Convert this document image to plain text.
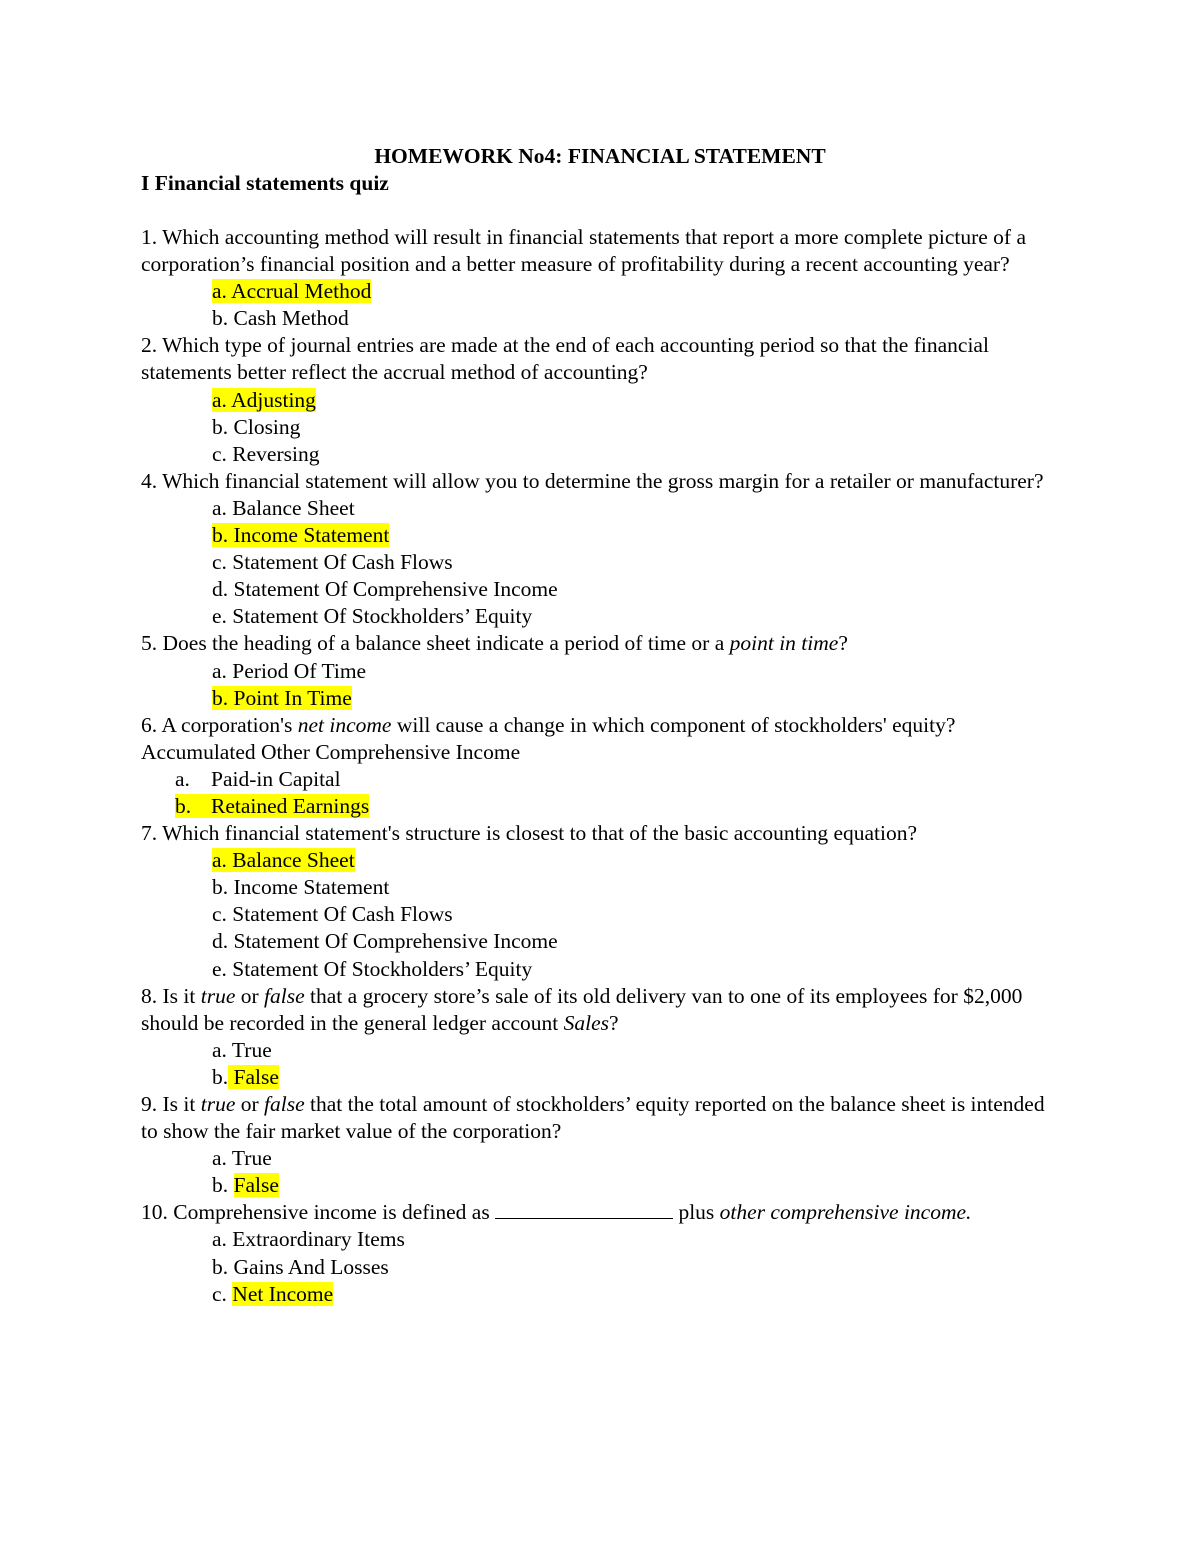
HOMEWORK No4: FINANCIAL STATEMENT
I Financial statements quiz

1. Which accounting method will result in financial statements that report a more complete picture of a corporation’s financial position and a better measure of profitability during a recent accounting year?

a. Accrual Method

b. Cash Method

2. Which type of journal entries are made at the end of each accounting period so that the financial statements better reflect the accrual method of accounting?

a. Adjusting

b. Closing

c. Reversing

4. Which financial statement will allow you to determine the gross margin for a retailer or manufacturer?

a. Balance Sheet

b. Income Statement

c. Statement Of Cash Flows

d. Statement Of Comprehensive Income

e. Statement Of Stockholders’ Equity

5. Does the heading of a balance sheet indicate a period of time or a point in time?

a. Period Of Time

b. Point In Time

6. A corporation's net income will cause a change in which component of stockholders' equity?

Accumulated Other Comprehensive Income

a. Paid-in Capital

b. Retained Earnings

7. Which financial statement's structure is closest to that of the basic accounting equation?

a. Balance Sheet

b. Income Statement

c. Statement Of Cash Flows

d. Statement Of Comprehensive Income

e. Statement Of Stockholders’ Equity

8. Is it true or false that a grocery store’s sale of its old delivery van to one of its employees for $2,000 should be recorded in the general ledger account Sales?

a. True

b. False

9. Is it true or false that the total amount of stockholders’ equity reported on the balance sheet is intended to show the fair market value of the corporation?

a. True

b. False

10. Comprehensive income is defined as	plus other comprehensive income.

a. Extraordinary Items

b. Gains And Losses

c. Net Income
